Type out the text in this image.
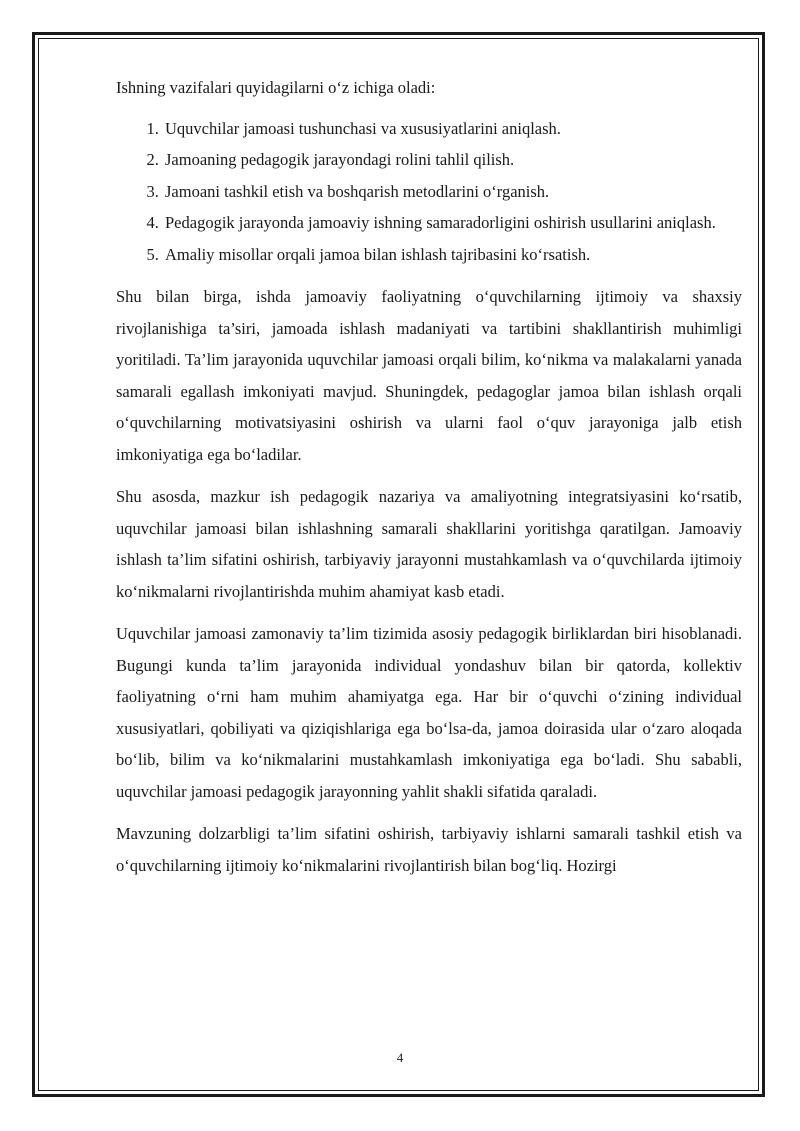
Ishning vazifalari quyidagilarni o‘z ichiga oladi:

1. Uquvchilar jamoasi tushunchasi va xususiyatlarini aniqlash.
2. Jamoaning pedagogik jarayondagi rolini tahlil qilish.
3. Jamoani tashkil etish va boshqarish metodlarini o‘rganish.
4. Pedagogik jarayonda jamoaviy ishning samaradorligini oshirish usullarini aniqlash.
5. Amaliy misollar orqali jamoa bilan ishlash tajribasini ko‘rsatish.

Shu bilan birga, ishda jamoaviy faoliyatning o‘quvchilarning ijtimoiy va shaxsiy rivojlanishiga ta’siri, jamoada ishlash madaniyati va tartibini shakllantirish muhimligi yoritiladi. Ta’lim jarayonida uquvchilar jamoasi orqali bilim, ko‘nikma va malakalarni yanada samarali egallash imkoniyati mavjud. Shuningdek, pedagoglar jamoa bilan ishlash orqali o‘quvchilarning motivatsiyasini oshirish va ularni faol o‘quv jarayoniga jalb etish imkoniyatiga ega bo‘ladilar.

Shu asosda, mazkur ish pedagogik nazariya va amaliyotning integratsiyasini ko‘rsatib, uquvchilar jamoasi bilan ishlashning samarali shakllarini yoritishga qaratilgan. Jamoaviy ishlash ta’lim sifatini oshirish, tarbiyaviy jarayonni mustahkamlash va o‘quvchilarda ijtimoiy ko‘nikmalarni rivojlantirishda muhim ahamiyat kasb etadi.

Uquvchilar jamoasi zamonaviy ta’lim tizimida asosiy pedagogik birliklardan biri hisoblanadi. Bugungi kunda ta’lim jarayonida individual yondashuv bilan bir qatorda, kollektiv faoliyatning o‘rni ham muhim ahamiyatga ega. Har bir o‘quvchi o‘zining individual xususiyatlari, qobiliyati va qiziqishlariga ega bo‘lsa-da, jamoa doirasida ular o‘zaro aloqada bo‘lib, bilim va ko‘nikmalarini mustahkamlash imkoniyatiga ega bo‘ladi. Shu sababli, uquvchilar jamoasi pedagogik jarayonning yahlit shakli sifatida qaraladi.

Mavzuning dolzarbligi ta’lim sifatini oshirish, tarbiyaviy ishlarni samarali tashkil etish va o‘quvchilarning ijtimoiy ko‘nikmalarini rivojlantirish bilan bog‘liq. Hozirgi

4
